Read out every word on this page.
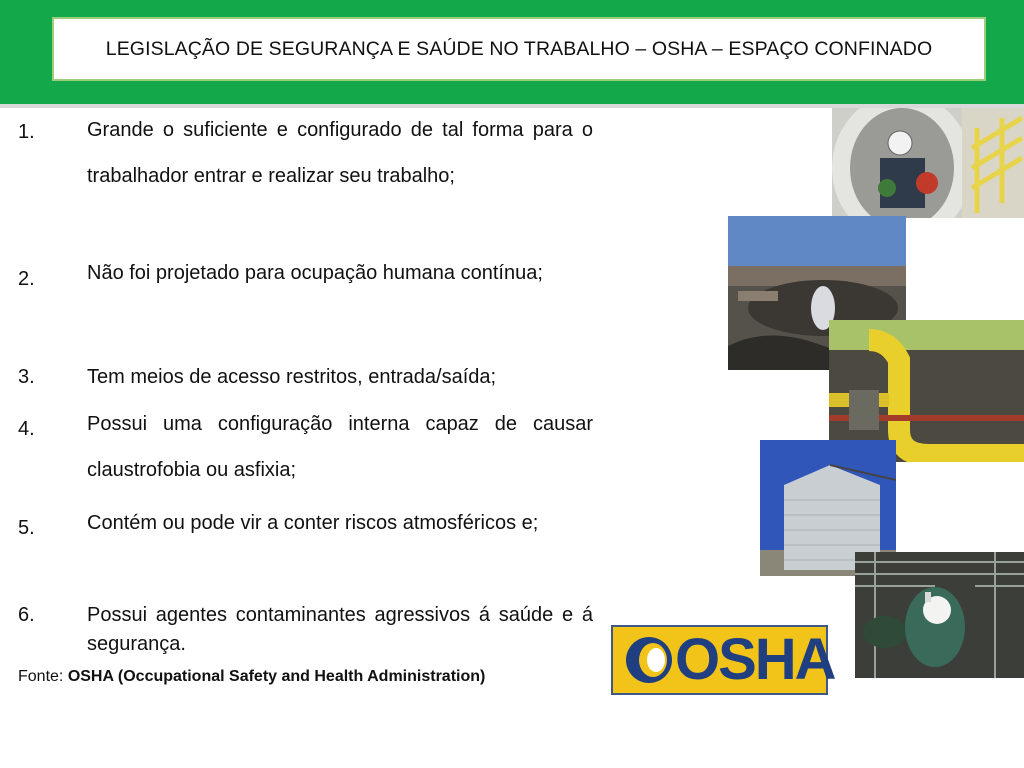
LEGISLAÇÃO DE SEGURANÇA E SAÚDE NO TRABALHO – OSHA – ESPAÇO CONFINADO
1.	Grande o suficiente e configurado de tal forma para o trabalhador entrar e realizar seu trabalho;
2.	Não foi projetado para ocupação humana contínua;
3.	Tem meios de acesso restritos, entrada/saída;
4.	Possui uma configuração interna capaz de causar claustrofobia ou asfixia;
5.	Contém ou pode vir a conter riscos atmosféricos e;
6.	Possui agentes contaminantes agressivos á saúde e á segurança.
Fonte: OSHA (Occupational Safety and Health Administration)	OSHA
